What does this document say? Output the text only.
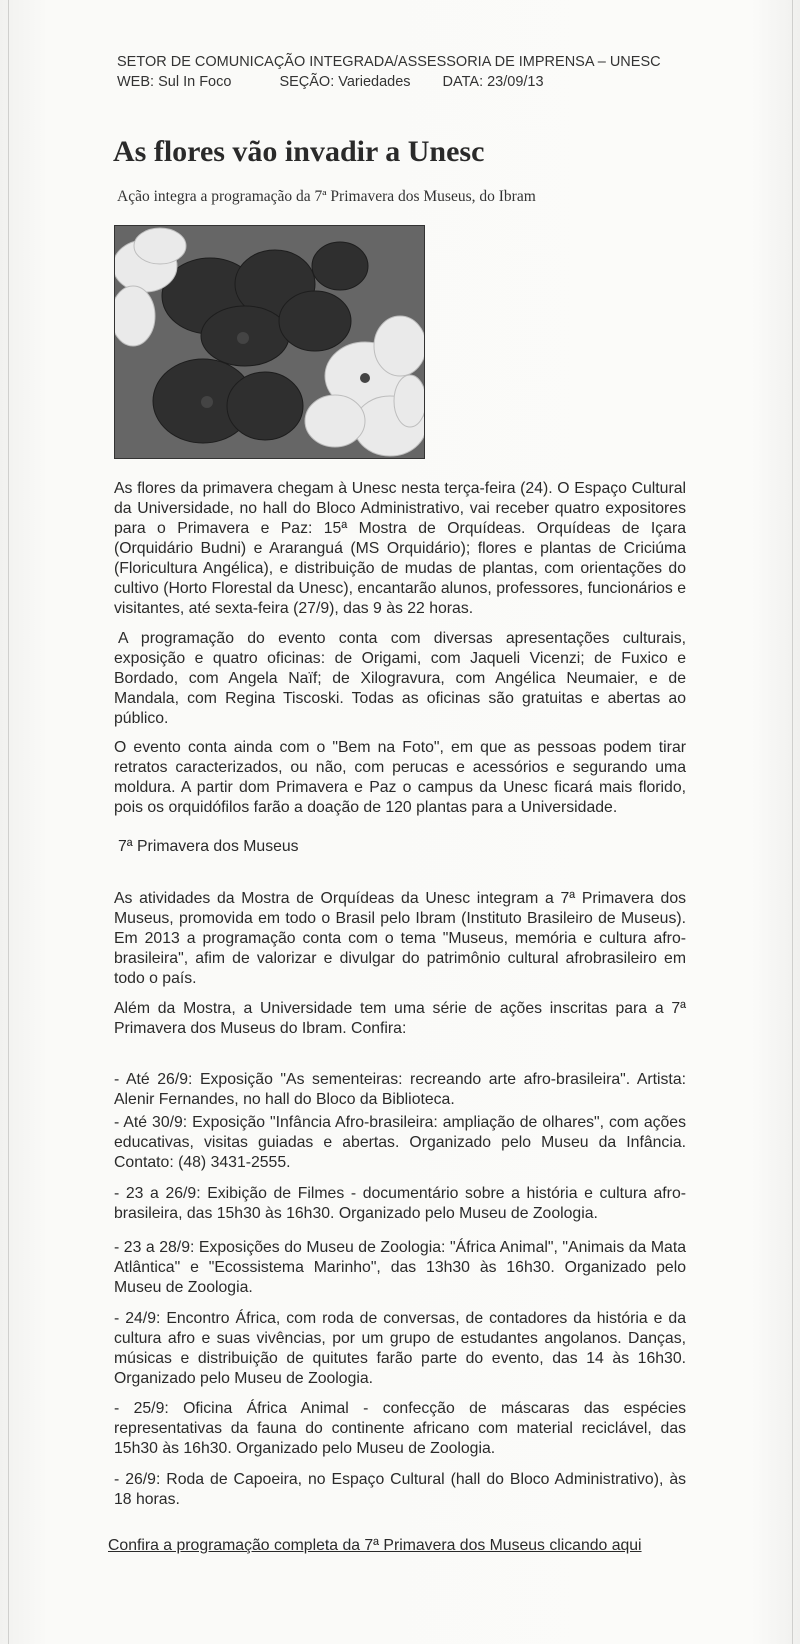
SETOR DE COMUNICAÇÃO INTEGRADA/ASSESSORIA DE IMPRENSA – UNESC
WEB: Sul In Foco	SEÇÃO: Variedades DATA: 23/09/13
As flores vão invadir a Unesc
Ação integra a programação da 7ª Primavera dos Museus, do Ibram
As flores da primavera chegam à Unesc nesta terça-feira (24). O Espaço Cultural da Universidade, no hall do Bloco Administrativo, vai receber quatro expositores para o Primavera e Paz: 15ª Mostra de Orquídeas. Orquídeas de Içara (Orquidário Budni) e Araranguá (MS Orquidário); flores e plantas de Criciúma (Floricultura Angélica), e distribuição de mudas de plantas, com orientações do cultivo (Horto Florestal da Unesc), encantarão alunos, professores, funcionários e visitantes, até sexta-feira (27/9), das 9 às 22 horas.
A programação do evento conta com diversas apresentações culturais, exposição e quatro oficinas: de Origami, com Jaqueli Vicenzi; de Fuxico e Bordado, com Angela Naïf; de Xilogravura, com Angélica Neumaier, e de Mandala, com Regina Tiscoski. Todas as oficinas são gratuitas e abertas ao público.
O evento conta ainda com o "Bem na Foto", em que as pessoas podem tirar retratos caracterizados, ou não, com perucas e acessórios e segurando uma moldura. A partir dom Primavera e Paz o campus da Unesc ficará mais florido, pois os orquidófilos farão a doação de 120 plantas para a Universidade.
7ª Primavera dos Museus
As atividades da Mostra de Orquídeas da Unesc integram a 7ª Primavera dos Museus, promovida em todo o Brasil pelo Ibram (Instituto Brasileiro de Museus). Em 2013 a programação conta com o tema "Museus, memória e cultura afro-brasileira", afim de valorizar e divulgar do patrimônio cultural afrobrasileiro em todo o país.
Além da Mostra, a Universidade tem uma série de ações inscritas para a 7ª Primavera dos Museus do Ibram. Confira:
- Até 26/9: Exposição "As sementeiras: recreando arte afro-brasileira". Artista: Alenir Fernandes, no hall do Bloco da Biblioteca.
- Até 30/9: Exposição "Infância Afro-brasileira: ampliação de olhares", com ações educativas, visitas guiadas e abertas. Organizado pelo Museu da Infância. Contato: (48) 3431-2555.
- 23 a 26/9: Exibição de Filmes - documentário sobre a história e cultura afro-brasileira, das 15h30 às 16h30. Organizado pelo Museu de Zoologia.
- 23 a 28/9: Exposições do Museu de Zoologia: "África Animal", "Animais da Mata Atlântica" e "Ecossistema Marinho", das 13h30 às 16h30. Organizado pelo Museu de Zoologia.
- 24/9: Encontro África, com roda de conversas, de contadores da história e da cultura afro e suas vivências, por um grupo de estudantes angolanos. Danças, músicas e distribuição de quitutes farão parte do evento, das 14 às 16h30. Organizado pelo Museu de Zoologia.
- 25/9: Oficina África Animal - confecção de máscaras das espécies representativas da fauna do continente africano com material reciclável, das 15h30 às 16h30. Organizado pelo Museu de Zoologia.
- 26/9: Roda de Capoeira, no Espaço Cultural (hall do Bloco Administrativo), às 18 horas.
Confira a programação completa da 7ª Primavera dos Museus clicando aqui
